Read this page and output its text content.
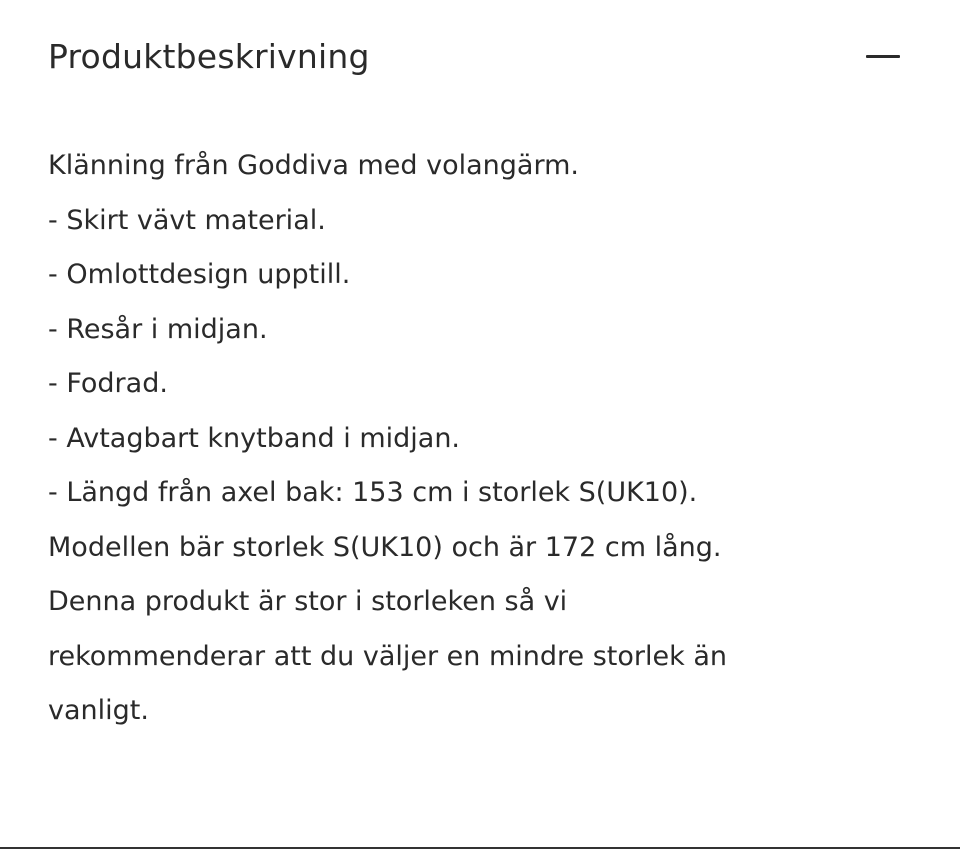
Produktbeskrivning
Klänning från Goddiva med volangärm.
- Skirt vävt material.
- Omlottdesign upptill.
- Resår i midjan.
- Fodrad.
- Avtagbart knytband i midjan.
- Längd från axel bak: 153 cm i storlek S(UK10).
Modellen bär storlek S(UK10) och är 172 cm lång.
Denna produkt är stor i storleken så vi
rekommenderar att du väljer en mindre storlek än
vanligt.
